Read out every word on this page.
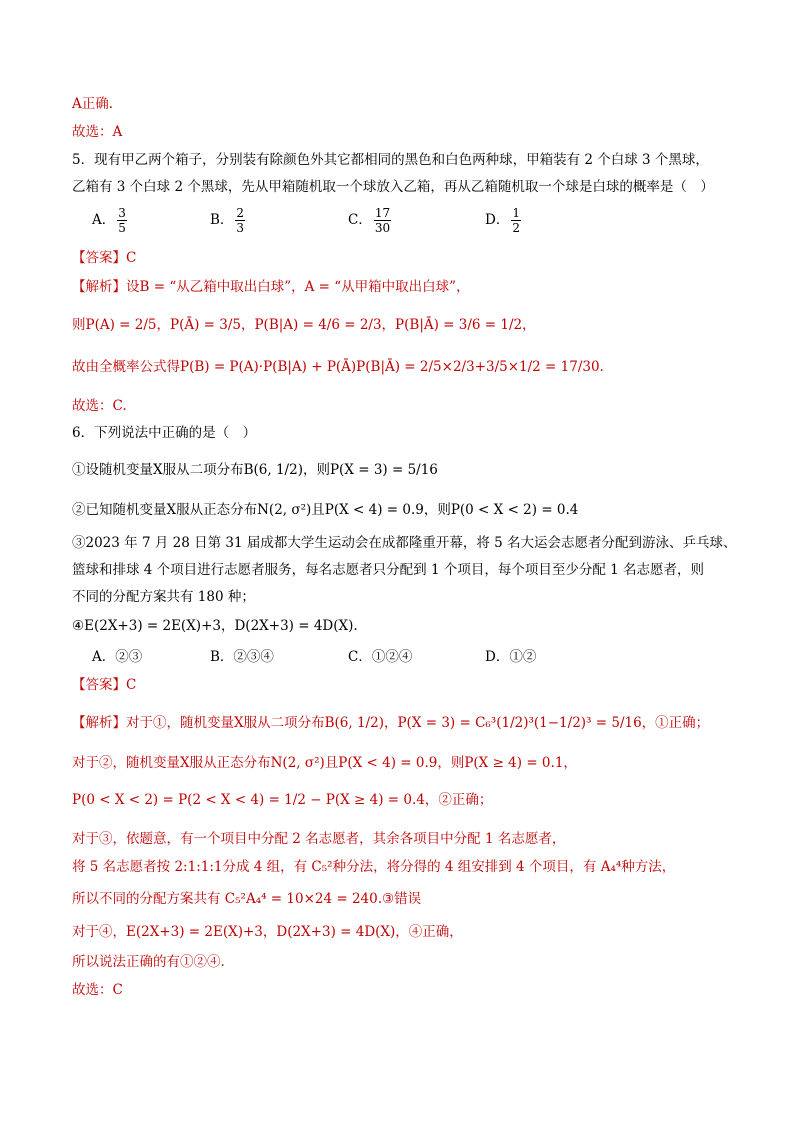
A正确.
故选：A
5．现有甲乙两个箱子，分别装有除颜色外其它都相同的黑色和白色两种球，甲箱装有 2 个白球 3 个黑球，
乙箱有 3 个白球 2 个黑球，先从甲箱随机取一个球放入乙箱，再从乙箱随机取一个球是白球的概率是（　）
A． $\frac{3}{5}$	B． $\frac{2}{3}$	C． $\frac{17}{30}$	D． $\frac{1}{2}$
【答案】C
【解析】设B = “从乙箱中取出白球”，A = “从甲箱中取出白球”，
则P(A) = 2/5，P(Ā) = 3/5，P(B|A) = 4/6 = 2/3，P(B|Ā) = 3/6 = 1/2，
故由全概率公式得P(B) = P(A)·P(B|A) + P(Ā)P(B|Ā) = 2/5×2/3+3/5×1/2 = 17/30.
故选：C.
6．下列说法中正确的是（　）
①设随机变量X服从二项分布B(6, 1/2)，则P(X = 3) = 5/16
②已知随机变量X服从正态分布N(2, σ²)且P(X < 4) = 0.9，则P(0 < X < 2) = 0.4
③2023 年 7 月 28 日第 31 届成都大学生运动会在成都隆重开幕，将 5 名大运会志愿者分配到游泳、乒乓球、
篮球和排球 4 个项目进行志愿者服务，每名志愿者只分配到 1 个项目，每个项目至少分配 1 名志愿者，则
不同的分配方案共有 180 种；
④E(2X+3) = 2E(X)+3，D(2X+3) = 4D(X).
A．②③	B．②③④	C．①②④	D．①②
【答案】C
【解析】对于①，随机变量X服从二项分布B(6, 1/2)，P(X = 3) = C₆³(1/2)³(1−1/2)³ = 5/16，①正确；
对于②，随机变量X服从正态分布N(2, σ²)且P(X < 4) = 0.9，则P(X ≥ 4) = 0.1，
P(0 < X < 2) = P(2 < X < 4) = 1/2 − P(X ≥ 4) = 0.4，②正确；
对于③，依题意，有一个项目中分配 2 名志愿者，其余各项目中分配 1 名志愿者，
将 5 名志愿者按 2:1:1:1分成 4 组，有 C₅²种分法，将分得的 4 组安排到 4 个项目，有 A₄⁴种方法，
所以不同的分配方案共有 C₅²A₄⁴ = 10×24 = 240.③错误
对于④，E(2X+3) = 2E(X)+3，D(2X+3) = 4D(X)，④正确，
所以说法正确的有①②④.
故选：C
